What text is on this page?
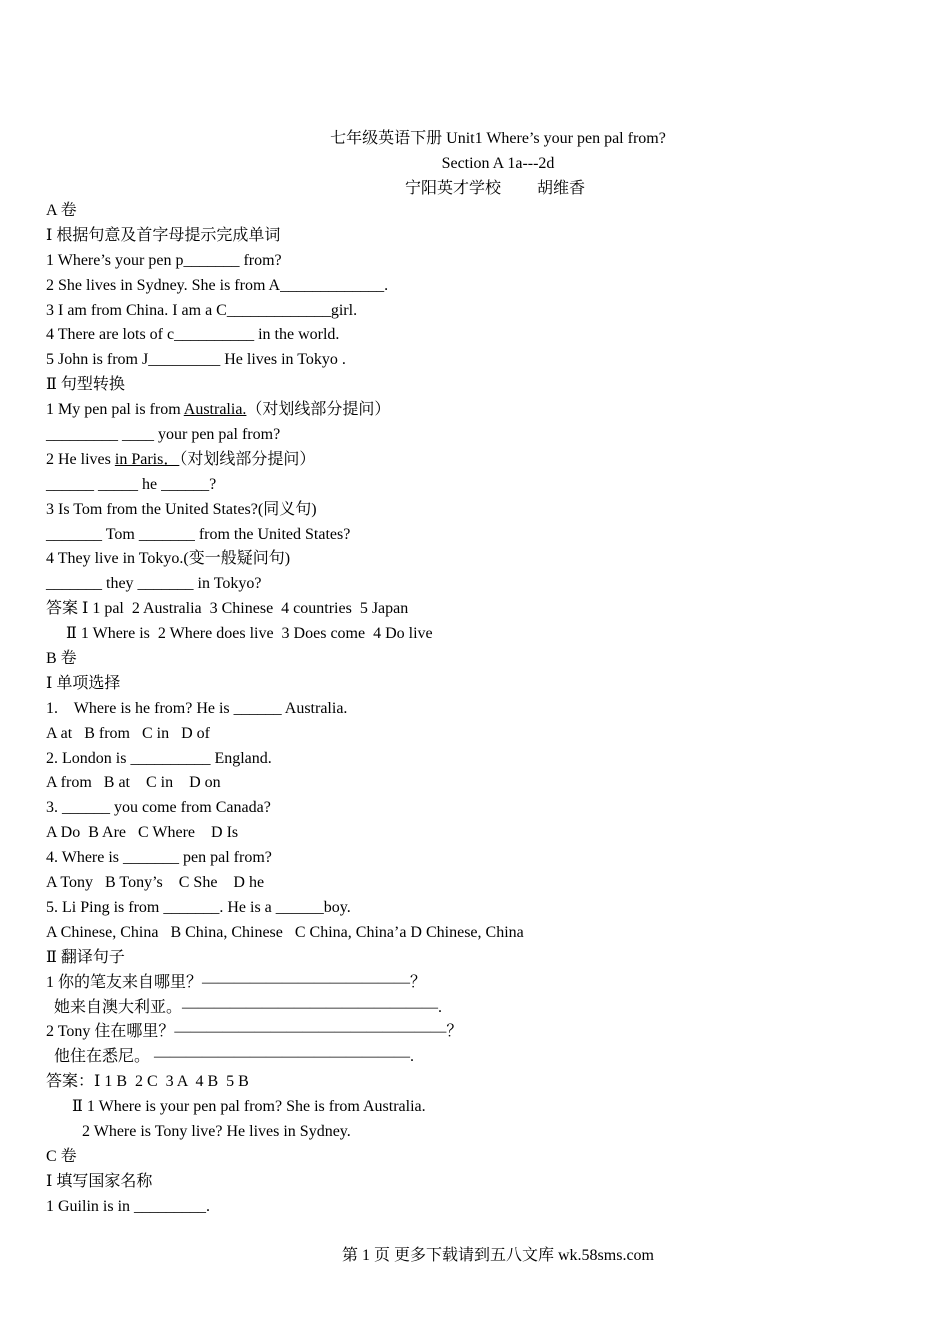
七年级英语下册 Unit1 Where’s your pen pal from?
Section A 1a---2d
宁阳英才学校         胡维香
A 卷
Ⅰ 根据句意及首字母提示完成单词
1 Where’s your pen p_______ from?
2 She lives in Sydney. She is from A_____________.
3 I am from China. I am a C_____________girl.
4 There are lots of c__________ in the world.
5 John is from J_________ He lives in Tokyo .
Ⅱ 句型转换
1 My pen pal is from Australia.（对划线部分提问）
_________ ____ your pen pal from?
2 He lives in Paris．（对划线部分提问）
______ _____ he ______?
3 Is Tom from the United States?(同义句)
_______ Tom _______ from the United States?
4 They live in Tokyo.(变一般疑问句)
_______ they _______ in Tokyo?
答案 Ⅰ 1 pal  2 Australia  3 Chinese  4 countries  5 Japan
Ⅱ 1 Where is  2 Where does live  3 Does come  4 Do live
B 卷
Ⅰ 单项选择
1.    Where is he from? He is ______ Australia.
A at   B from   C in   D of
2. London is __________ England.
A from   B at    C in    D on
3. ______ you come from Canada?
A Do  B Are   C Where    D Is
4. Where is _______ pen pal from?
A Tony   B Tony’s    C She    D he
5. Li Ping is from _______. He is a ______boy.
A Chinese, China   B China, Chinese   C China, China’a D Chinese, China
Ⅱ 翻译句子
1 你的笔友来自哪里？—————————————？
她来自澳大利亚。————————————————.
2 Tony 住在哪里？—————————————————？
他住在悉尼。 ————————————————.
答案：Ⅰ 1 B  2 C  3 A  4 B  5 B
Ⅱ 1 Where is your pen pal from? She is from Australia.
2 Where is Tony live? He lives in Sydney.
C 卷
Ⅰ 填写国家名称
1 Guilin is in _________.
第 1 页 更多下载请到五八文库 wk.58sms.com
